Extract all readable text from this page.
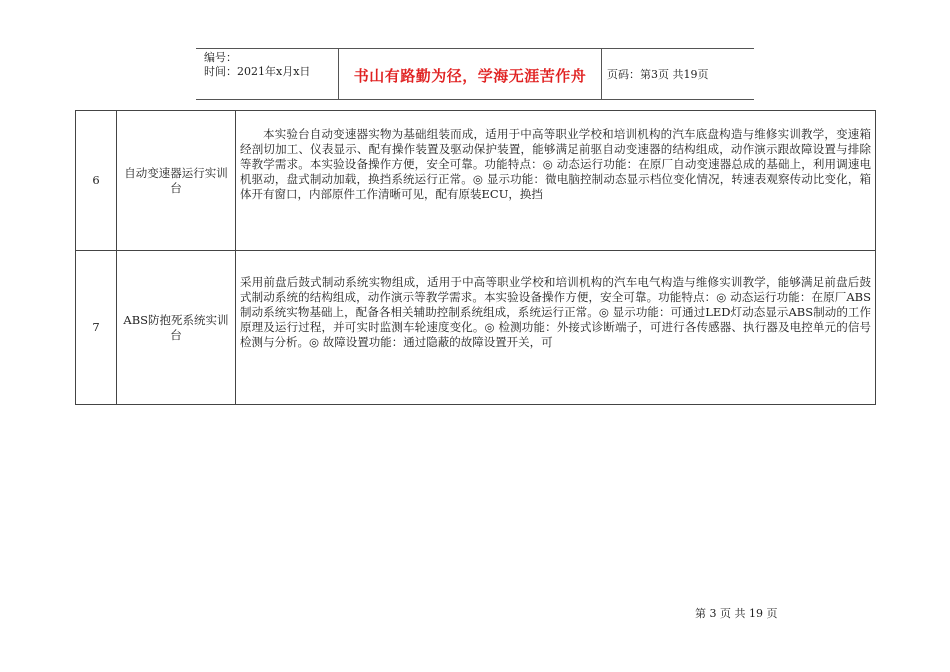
编号：
时间：2021年x月x日	书山有路勤为径，学海无涯苦作舟	页码：第3页 共19页
6	自动变速器运行实训台	本实验台自动变速器实物为基础组装而成，适用于中高等职业学校和培训机构的汽车底盘构造与维修实训教学，变速箱经剖切加工、仪表显示、配有操作装置及驱动保护装置，能够满足前驱自动变速器的结构组成，动作演示跟故障设置与排除等教学需求。本实验设备操作方便，安全可靠。功能特点：◎ 动态运行功能：在原厂自动变速器总成的基础上，利用调速电机驱动，盘式制动加载，换挡系统运行正常。◎ 显示功能：微电脑控制动态显示档位变化情况，转速表观察传动比变化，箱体开有窗口，内部原件工作清晰可见，配有原装ECU，换挡

7	ABS防抱死系统实训台	采用前盘后鼓式制动系统实物组成，适用于中高等职业学校和培训机构的汽车电气构造与维修实训教学，能够满足前盘后鼓式制动系统的结构组成，动作演示等教学需求。本实验设备操作方便，安全可靠。功能特点：◎ 动态运行功能：在原厂ABS制动系统实物基础上，配备各相关辅助控制系统组成，系统运行正常。◎ 显示功能：可通过LED灯动态显示ABS制动的工作原理及运行过程，并可实时监测车轮速度变化。◎ 检测功能：外接式诊断端子，可进行各传感器、执行器及电控单元的信号检测与分析。◎ 故障设置功能：通过隐蔽的故障设置开关，可

第 3 页 共 19 页
